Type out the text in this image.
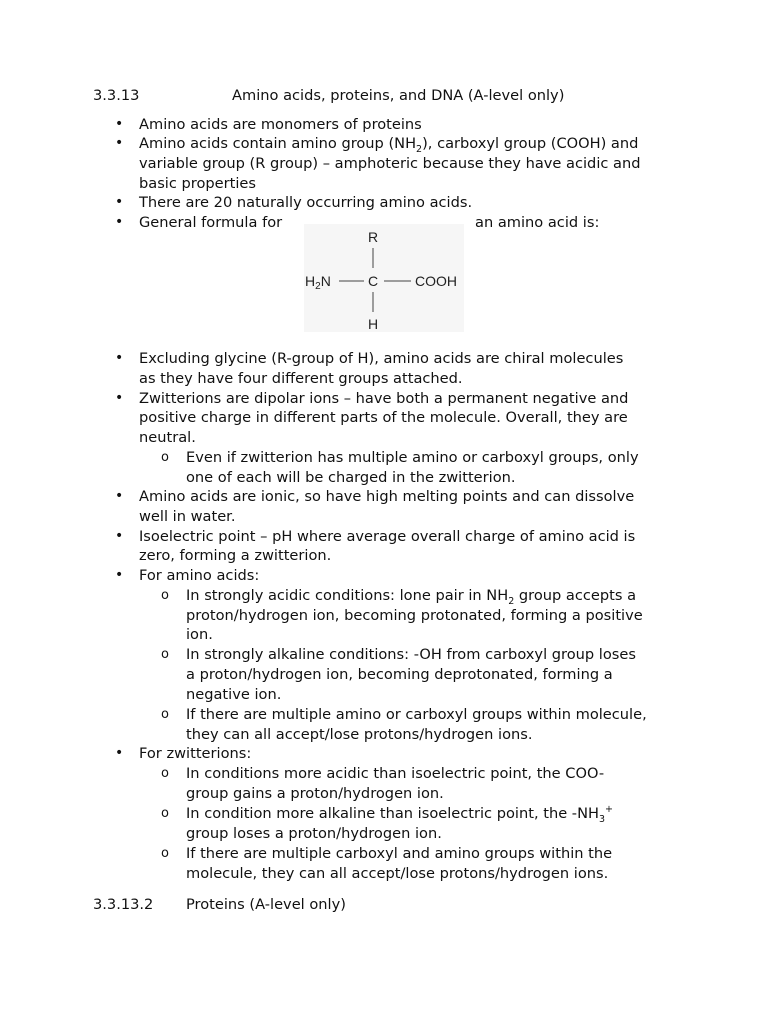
3.3.13	Amino acids, proteins, and DNA (A-level only)
• Amino acids are monomers of proteins
• Amino acids contain amino group $(NH_2)$, carboxyl group (COOH) and
variable group (R group) – amphoteric because they have acidic and
basic properties
• There are 20 naturally occurring amino acids.
• General formula for	an amino acid is:
R
$H_2N$	C	COOH
H
• Excluding glycine (R-group of H), amino acids are chiral molecules
as they have four different groups attached.
• Zwitterions are dipolar ions – have both a permanent negative and
positive charge in different parts of the molecule. Overall, they are
neutral.
o Even if zwitterion has multiple amino or carboxyl groups, only
one of each will be charged in the zwitterion.
• Amino acids are ionic, so have high melting points and can dissolve
well in water.
• Isoelectric point – pH where average overall charge of amino acid is
zero, forming a zwitterion.
• For amino acids:
o In strongly acidic conditions: lone pair in $NH_2$ group accepts a
proton/hydrogen ion, becoming protonated, forming a positive
ion.
o In strongly alkaline conditions: -OH from carboxyl group loses
a proton/hydrogen ion, becoming deprotonated, forming a
negative ion.
o If there are multiple amino or carboxyl groups within molecule,
they can all accept/lose protons/hydrogen ions.
• For zwitterions:
o In conditions more acidic than isoelectric point, the COO-
group gains a proton/hydrogen ion.
o In condition more alkaline than isoelectric point, the $-NH_3^+$
group loses a proton/hydrogen ion.
o If there are multiple carboxyl and amino groups within the
molecule, they can all accept/lose protons/hydrogen ions.
3.3.13.2 Proteins (A-level only)
